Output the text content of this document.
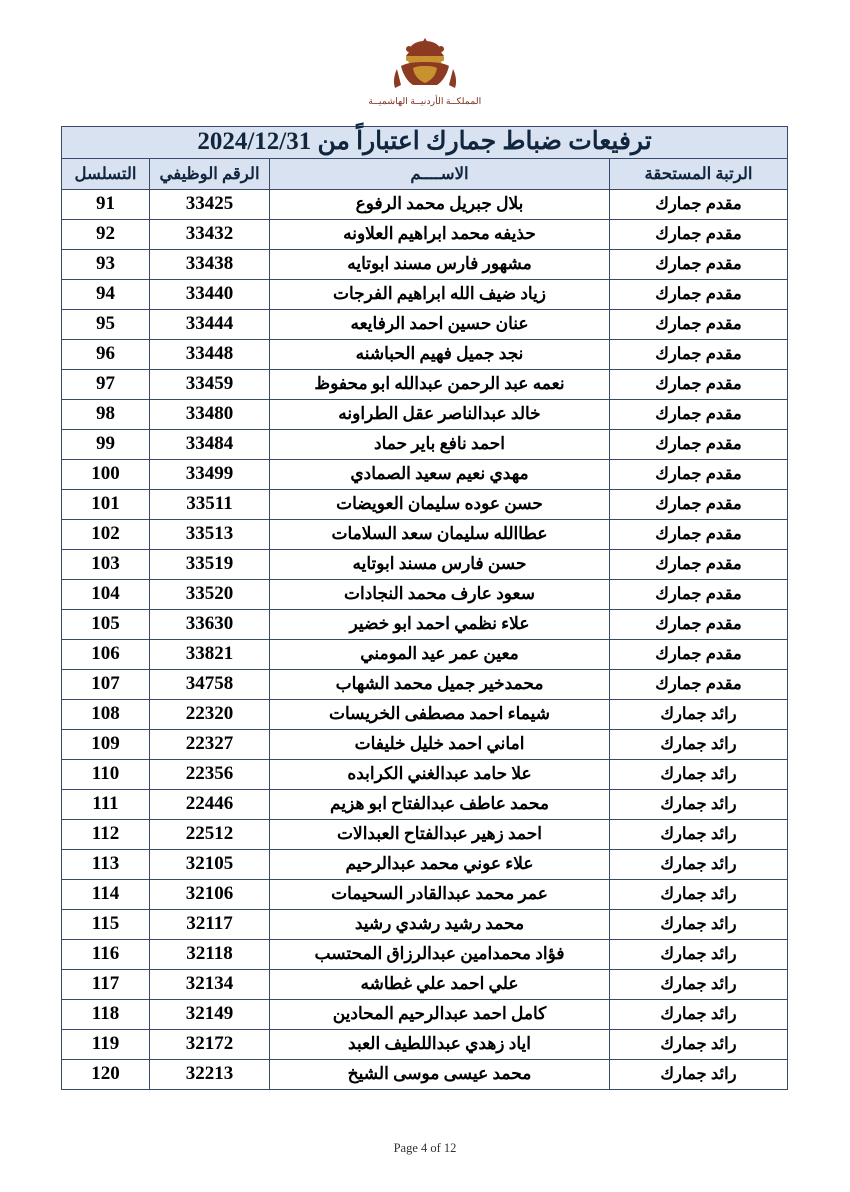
المملكــة الأردنيــة الهاشميــة
ترفيعات ضباط جمارك اعتباراً من 2024/12/31			
الرتبة المستحقة	الاســــم	الرقم الوظيفي	التسلسل
مقدم جمارك	بلال جبريل محمد الرفوع	33425	91
مقدم جمارك	حذيفه محمد ابراهيم العلاونه	33432	92
مقدم جمارك	مشهور فارس مسند ابوتايه	33438	93
مقدم جمارك	زياد ضيف الله ابراهيم الفرجات	33440	94
مقدم جمارك	عنان حسين احمد الرفايعه	33444	95
مقدم جمارك	نجد جميل فهيم الحباشنه	33448	96
مقدم جمارك	نعمه عبد الرحمن عبدالله ابو محفوظ	33459	97
مقدم جمارك	خالد عبدالناصر عقل الطراونه	33480	98
مقدم جمارك	احمد نافع باير حماد	33484	99
مقدم جمارك	مهدي نعيم سعيد الصمادي	33499	100
مقدم جمارك	حسن عوده سليمان العويضات	33511	101
مقدم جمارك	عطاالله سليمان سعد السلامات	33513	102
مقدم جمارك	حسن فارس مسند ابوتايه	33519	103
مقدم جمارك	سعود عارف محمد النجادات	33520	104
مقدم جمارك	علاء نظمي احمد ابو خضير	33630	105
مقدم جمارك	معين عمر عيد المومني	33821	106
مقدم جمارك	محمدخير جميل محمد الشهاب	34758	107
رائد جمارك	شيماء احمد مصطفى الخريسات	22320	108
رائد جمارك	اماني احمد خليل خليفات	22327	109
رائد جمارك	علا حامد عبدالغني الكرابده	22356	110
رائد جمارك	محمد عاطف عبدالفتاح ابو هزيم	22446	111
رائد جمارك	احمد زهير عبدالفتاح العبدالات	22512	112
رائد جمارك	علاء عوني محمد عبدالرحيم	32105	113
رائد جمارك	عمر محمد عبدالقادر السحيمات	32106	114
رائد جمارك	محمد رشيد رشدي رشيد	32117	115
رائد جمارك	فؤاد محمدامين عبدالرزاق المحتسب	32118	116
رائد جمارك	علي احمد علي غطاشه	32134	117
رائد جمارك	كامل احمد عبدالرحيم المحادين	32149	118
رائد جمارك	اياد زهدي عبداللطيف العبد	32172	119
رائد جمارك	محمد عيسى موسى الشيخ	32213	120
Page 4 of 12
